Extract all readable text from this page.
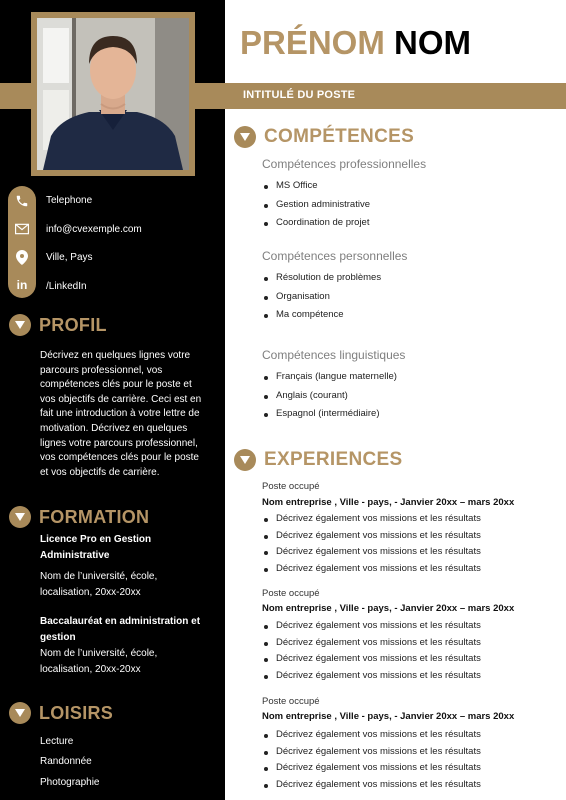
INTITULÉ DU POSTE
PRÉNOM NOM
in
Telephone
info@cvexemple.com
Ville, Pays
/LinkedIn
PROFIL
Décrivez en quelques lignes votre parcours professionnel, vos compétences clés pour le poste et vos objectifs de carrière. Ceci est en fait une introduction à votre lettre de motivation. Décrivez en quelques lignes votre parcours professionnel, vos compétences clés pour le poste et vos objectifs de carrière.
FORMATION
Licence Pro en Gestion Administrative
Nom de l’université, école, localisation, 20xx-20xx
Baccalauréat en administration et gestion
Nom de l’université, école, localisation, 20xx-20xx
LOISIRS
Lecture
Randonnée
Photographie
COMPÉTENCES
Compétences professionnelles
MS Office
Gestion administrative
Coordination de projet
Compétences personnelles
Résolution de problèmes
Organisation
Ma compétence
Compétences linguistiques
Français (langue maternelle)
Anglais (courant)
Espagnol (intermédiaire)
EXPERIENCES
Poste occupé
Nom entreprise , Ville - pays, - Janvier 20xx – mars 20xx
Décrivez également vos missions et les résultats
Décrivez également vos missions et les résultats
Décrivez également vos missions et les résultats
Décrivez également vos missions et les résultats
Poste occupé
Nom entreprise , Ville - pays, - Janvier 20xx – mars 20xx
Décrivez également vos missions et les résultats
Décrivez également vos missions et les résultats
Décrivez également vos missions et les résultats
Décrivez également vos missions et les résultats
Poste occupé
Nom entreprise , Ville - pays, - Janvier 20xx – mars 20xx
Décrivez également vos missions et les résultats
Décrivez également vos missions et les résultats
Décrivez également vos missions et les résultats
Décrivez également vos missions et les résultats
